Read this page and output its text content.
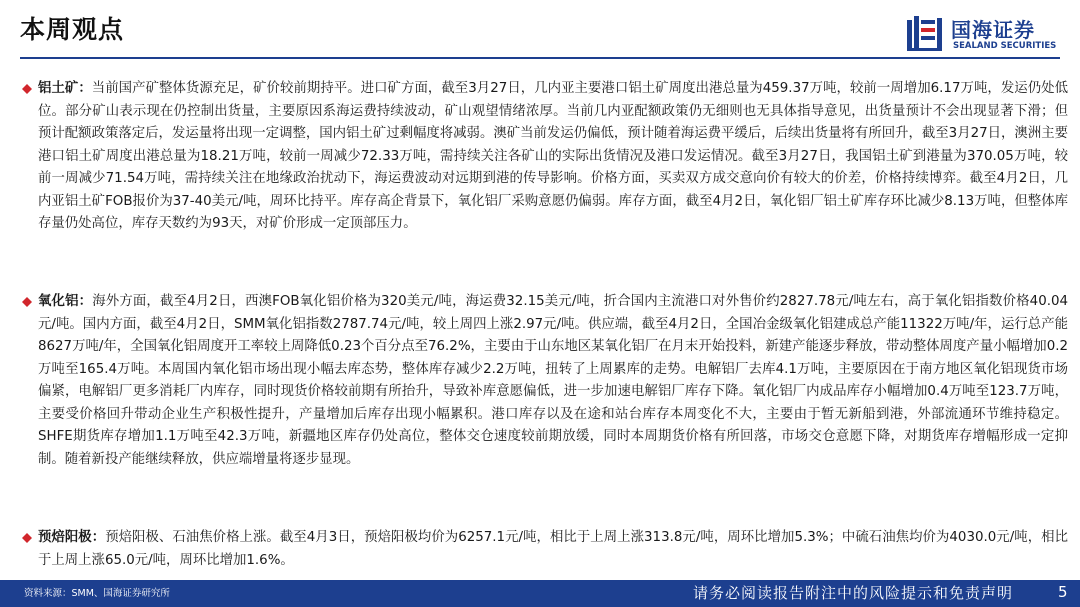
本周观点	国海证券
SEALAND SECURITIES
铝土矿：当前国产矿整体货源充足，矿价较前期持平。进口矿方面，截至3月27日，几内亚主要港口铝土矿周度出港总量为459.37万吨，较前一周增加6.17万吨，发运仍处低位。部分矿山表示现在仍控制出货量，主要原因系海运费持续波动，矿山观望情绪浓厚。当前几内亚配额政策仍无细则也无具体指导意见，出货量预计不会出现显著下滑；但预计配额政策落定后，发运量将出现一定调整，国内铝土矿过剩幅度将减弱。澳矿当前发运仍偏低，预计随着海运费平缓后，后续出货量将有所回升，截至3月27日，澳洲主要港口铝土矿周度出港总量为18.21万吨，较前一周减少72.33万吨，需持续关注各矿山的实际出货情况及港口发运情况。截至3月27日，我国铝土矿到港量为370.05万吨，较前一周减少71.54万吨，需持续关注在地缘政治扰动下，海运费波动对远期到港的传导影响。价格方面，买卖双方成交意向价有较大的价差，价格持续博弈。截至4月2日，几内亚铝土矿FOB报价为37-40美元/吨，周环比持平。库存高企背景下，氧化铝厂采购意愿仍偏弱。库存方面，截至4月2日，氧化铝厂铝土矿库存环比减少8.13万吨，但整体库存量仍处高位，库存天数约为93天，对矿价形成一定顶部压力。
氧化铝：海外方面，截至4月2日，西澳FOB氧化铝价格为320美元/吨，海运费32.15美元/吨，折合国内主流港口对外售价约2827.78元/吨左右，高于氧化铝指数价格40.04元/吨。国内方面，截至4月2日，SMM氧化铝指数2787.74元/吨，较上周四上涨2.97元/吨。供应端，截至4月2日，全国冶金级氧化铝建成总产能11322万吨/年，运行总产能8627万吨/年，全国氧化铝周度开工率较上周降低0.23个百分点至76.2%，主要由于山东地区某氧化铝厂在月末开始投料，新建产能逐步释放，带动整体周度产量小幅增加0.2万吨至165.4万吨。本周国内氧化铝市场出现小幅去库态势，整体库存减少2.2万吨，扭转了上周累库的走势。电解铝厂去库4.1万吨，主要原因在于南方地区氧化铝现货市场偏紧，电解铝厂更多消耗厂内库存，同时现货价格较前期有所抬升，导致补库意愿偏低，进一步加速电解铝厂库存下降。氧化铝厂内成品库存小幅增加0.4万吨至123.7万吨，主要受价格回升带动企业生产积极性提升，产量增加后库存出现小幅累积。港口库存以及在途和站台库存本周变化不大，主要由于暂无新船到港，外部流通环节维持稳定。SHFE期货库存增加1.1万吨至42.3万吨，新疆地区库存仍处高位，整体交仓速度较前期放缓，同时本周期货价格有所回落，市场交仓意愿下降，对期货库存增幅形成一定抑制。随着新投产能继续释放，供应端增量将逐步显现。
预焙阳极：预焙阳极、石油焦价格上涨。截至4月3日，预焙阳极均价为6257.1元/吨，相比于上周上涨313.8元/吨，周环比增加5.3%；中硫石油焦均价为4030.0元/吨，相比于上周上涨65.0元/吨，周环比增加1.6%。
资料来源：SMM、国海证券研究所	请务必阅读报告附注中的风险提示和免责声明	5
